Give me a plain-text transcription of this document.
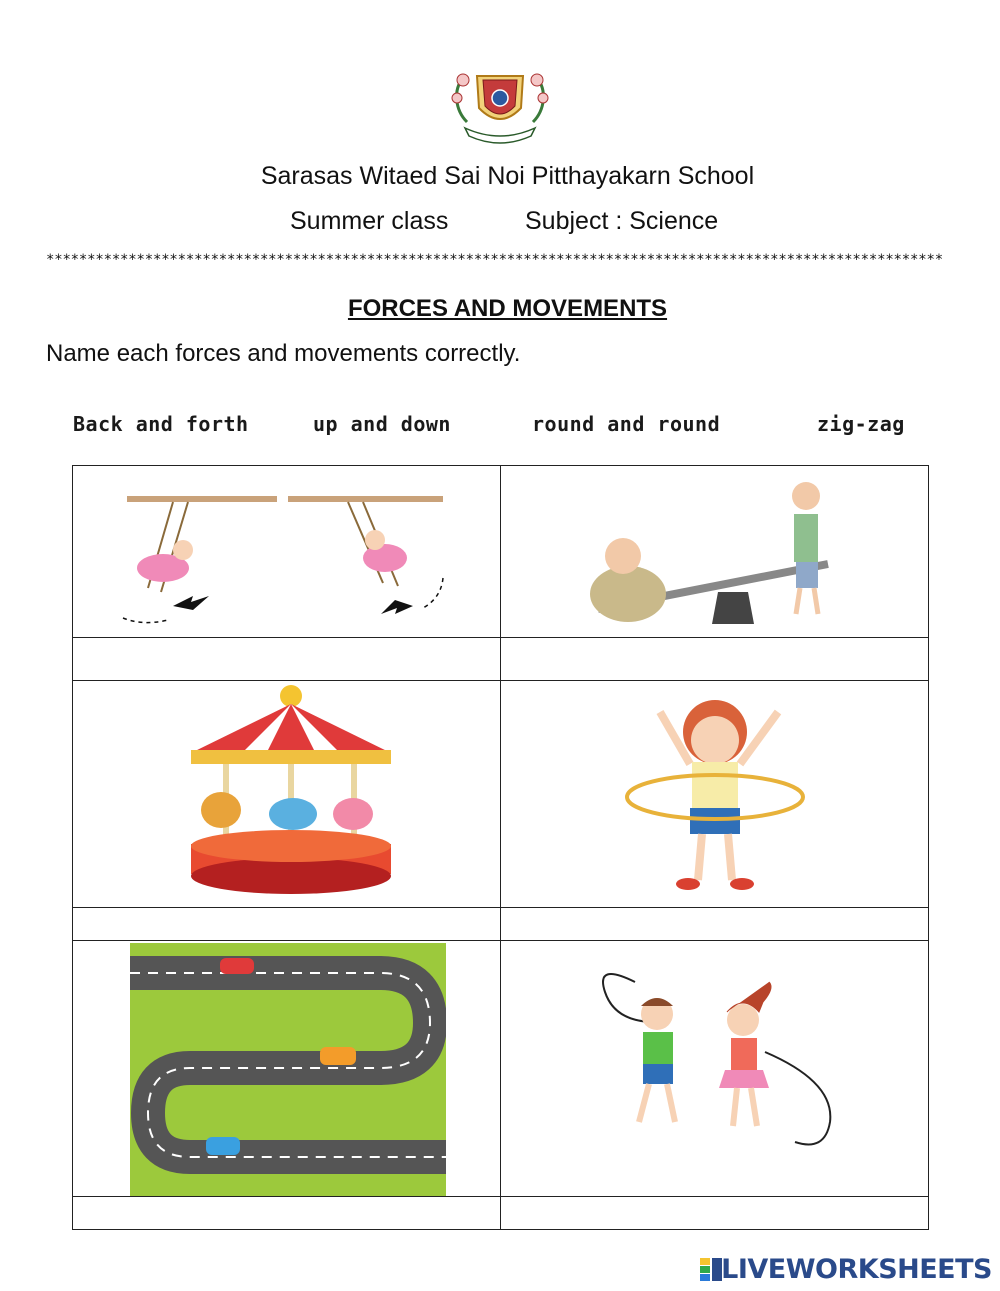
Sarasas Witaed Sai Noi Pitthayakarn School
Summer class	Subject : Science
*************************************************************************************************************
FORCES AND MOVEMENTS
Name each forces and movements correctly.
Back and forth	up and down	round and round	zig-zag
LIVEWORKSHEETS
